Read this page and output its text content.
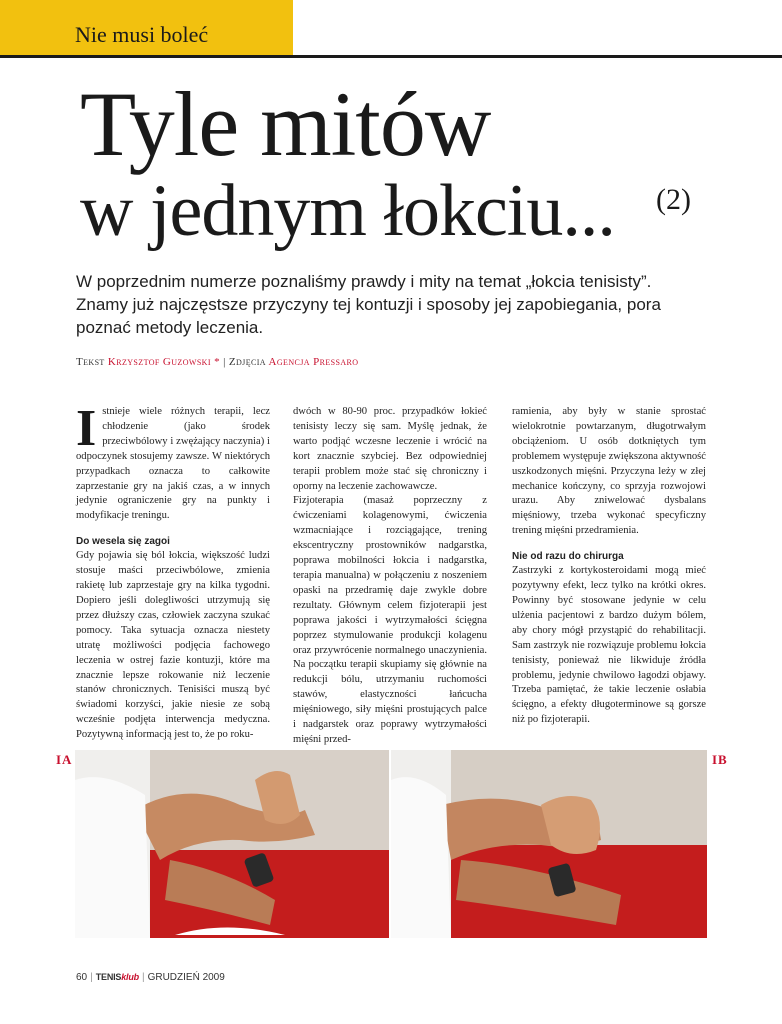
Nie musi boleć
Tyle mitów
w jednym łokciu... (2)

W poprzednim numerze poznaliśmy prawdy i mity na temat „łokcia tenisisty”. Znamy już najczęstsze przyczyny tej kontuzji i sposoby jej zapobiegania, pora poznać metody leczenia.

Tekst Krzysztof Guzowski * | Zdjęcia Agencja Pressaro

Istnieje wiele różnych terapii, lecz chłodzenie (jako środek przeciwbólowy i zwężający naczynia) i odpoczynek stosujemy zawsze. W niektórych przypadkach oznacza to całkowite zaprzestanie gry na jakiś czas, a w innych jedynie ograniczenie gry na punkty i modyfikacje treningu.

Do wesela się zagoi

Gdy pojawia się ból łokcia, większość ludzi stosuje maści przeciwbólowe, zmienia rakietę lub zaprzestaje gry na kilka tygodni. Dopiero jeśli dolegliwości utrzymują się przez dłuższy czas, człowiek zaczyna szukać pomocy. Taka sytuacja oznacza niestety utratę możliwości podjęcia fachowego leczenia w ostrej fazie kontuzji, które ma znacznie lepsze rokowanie niż leczenie stanów chronicznych. Tenisiści muszą być świadomi korzyści, jakie niesie ze sobą wcześnie podjęta interwencja medyczna. Pozytywną informacją jest to, że po roku-

dwóch w 80-90 proc. przypadków łokieć tenisisty leczy się sam. Myślę jednak, że warto podjąć wczesne leczenie i wrócić na kort znacznie szybciej. Bez odpowiedniej terapii problem może stać się chroniczny i oporny na leczenie zachowawcze.

Fizjoterapia (masaż poprzeczny z ćwiczeniami kolagenowymi, ćwiczenia wzmacniające i rozciągające, trening ekscentryczny prostowników nadgarstka, poprawa mobilności łokcia i nadgarstka, terapia manualna) w połączeniu z noszeniem opaski na przedramię daje zwykle dobre rezultaty. Głównym celem fizjoterapii jest poprawa jakości i wytrzymałości ścięgna poprzez stymulowanie produkcji kolagenu oraz przywrócenie normalnego unaczynienia. Na początku terapii skupiamy się głównie na redukcji bólu, utrzymaniu ruchomości stawów, elastyczności łańcucha mięśniowego, siły mięśni prostujących palce i nadgarstek oraz poprawy wytrzymałości mięśni przed-

ramienia, aby były w stanie sprostać wielokrotnie powtarzanym, długotrwałym obciążeniom. U osób dotkniętych tym problemem występuje zwiększona aktywność uszkodzonych mięśni. Przyczyna leży w złej mechanice kończyny, co sprzyja rozwojowi urazu. Aby zniwelować dysbalans mięśniowy, trzeba wykonać specyficzny trening mięśni przedramienia.

Nie od razu do chirurga

Zastrzyki z kortykosteroidami mogą mieć pozytywny efekt, lecz tylko na krótki okres. Powinny być stosowane jedynie w celu ulżenia pacjentowi z bardzo dużym bólem, aby chory mógł przystąpić do rehabilitacji. Sam zastrzyk nie rozwiązuje problemu łokcia tenisisty, ponieważ nie likwiduje źródła problemu, jedynie chwilowo łagodzi objawy. Trzeba pamiętać, że takie leczenie osłabia ścięgno, a efekty długoterminowe są gorsze niż po fizjoterapii.

IA	IB
60 | TENISklub | GRUDZIEŃ 2009
